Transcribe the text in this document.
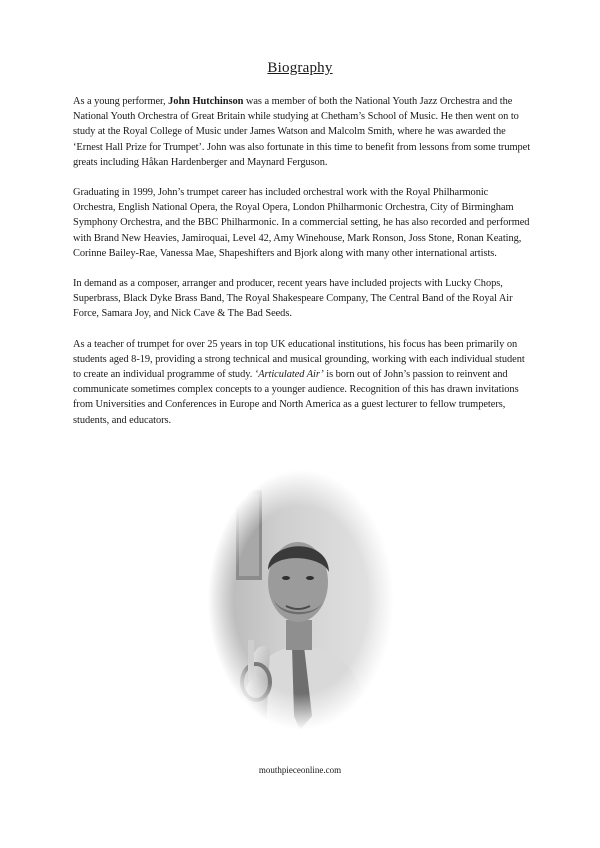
Biography

As a young performer, John Hutchinson was a member of both the National Youth Jazz Orchestra and the National Youth Orchestra of Great Britain while studying at Chetham’s School of Music. He then went on to study at the Royal College of Music under James Watson and Malcolm Smith, where he was awarded the ‘Ernest Hall Prize for Trumpet’. John was also fortunate in this time to benefit from lessons from some trumpet greats including Håkan Hardenberger and Maynard Ferguson.

Graduating in 1999, John’s trumpet career has included orchestral work with the Royal Philharmonic Orchestra, English National Opera, the Royal Opera, London Philharmonic Orchestra, City of Birmingham Symphony Orchestra, and the BBC Philharmonic. In a commercial setting, he has also recorded and performed with Brand New Heavies, Jamiroquai, Level 42, Amy Winehouse, Mark Ronson, Joss Stone, Ronan Keating, Corinne Bailey-Rae, Vanessa Mae, Shapeshifters and Bjork along with many other international artists.

In demand as a composer, arranger and producer, recent years have included projects with Lucky Chops, Superbrass, Black Dyke Brass Band, The Royal Shakespeare Company, The Central Band of the Royal Air Force, Samara Joy, and Nick Cave & The Bad Seeds.

As a teacher of trumpet for over 25 years in top UK educational institutions, his focus has been primarily on students aged 8-19, providing a strong technical and musical grounding, working with each individual student to create an individual programme of study. ‘Articulated Air’ is born out of John’s passion to reinvent and communicate sometimes complex concepts to a younger audience. Recognition of this has drawn invitations from Universities and Conferences in Europe and North America as a guest lecturer to fellow trumpeters, students, and educators.

mouthpieceonline.com
